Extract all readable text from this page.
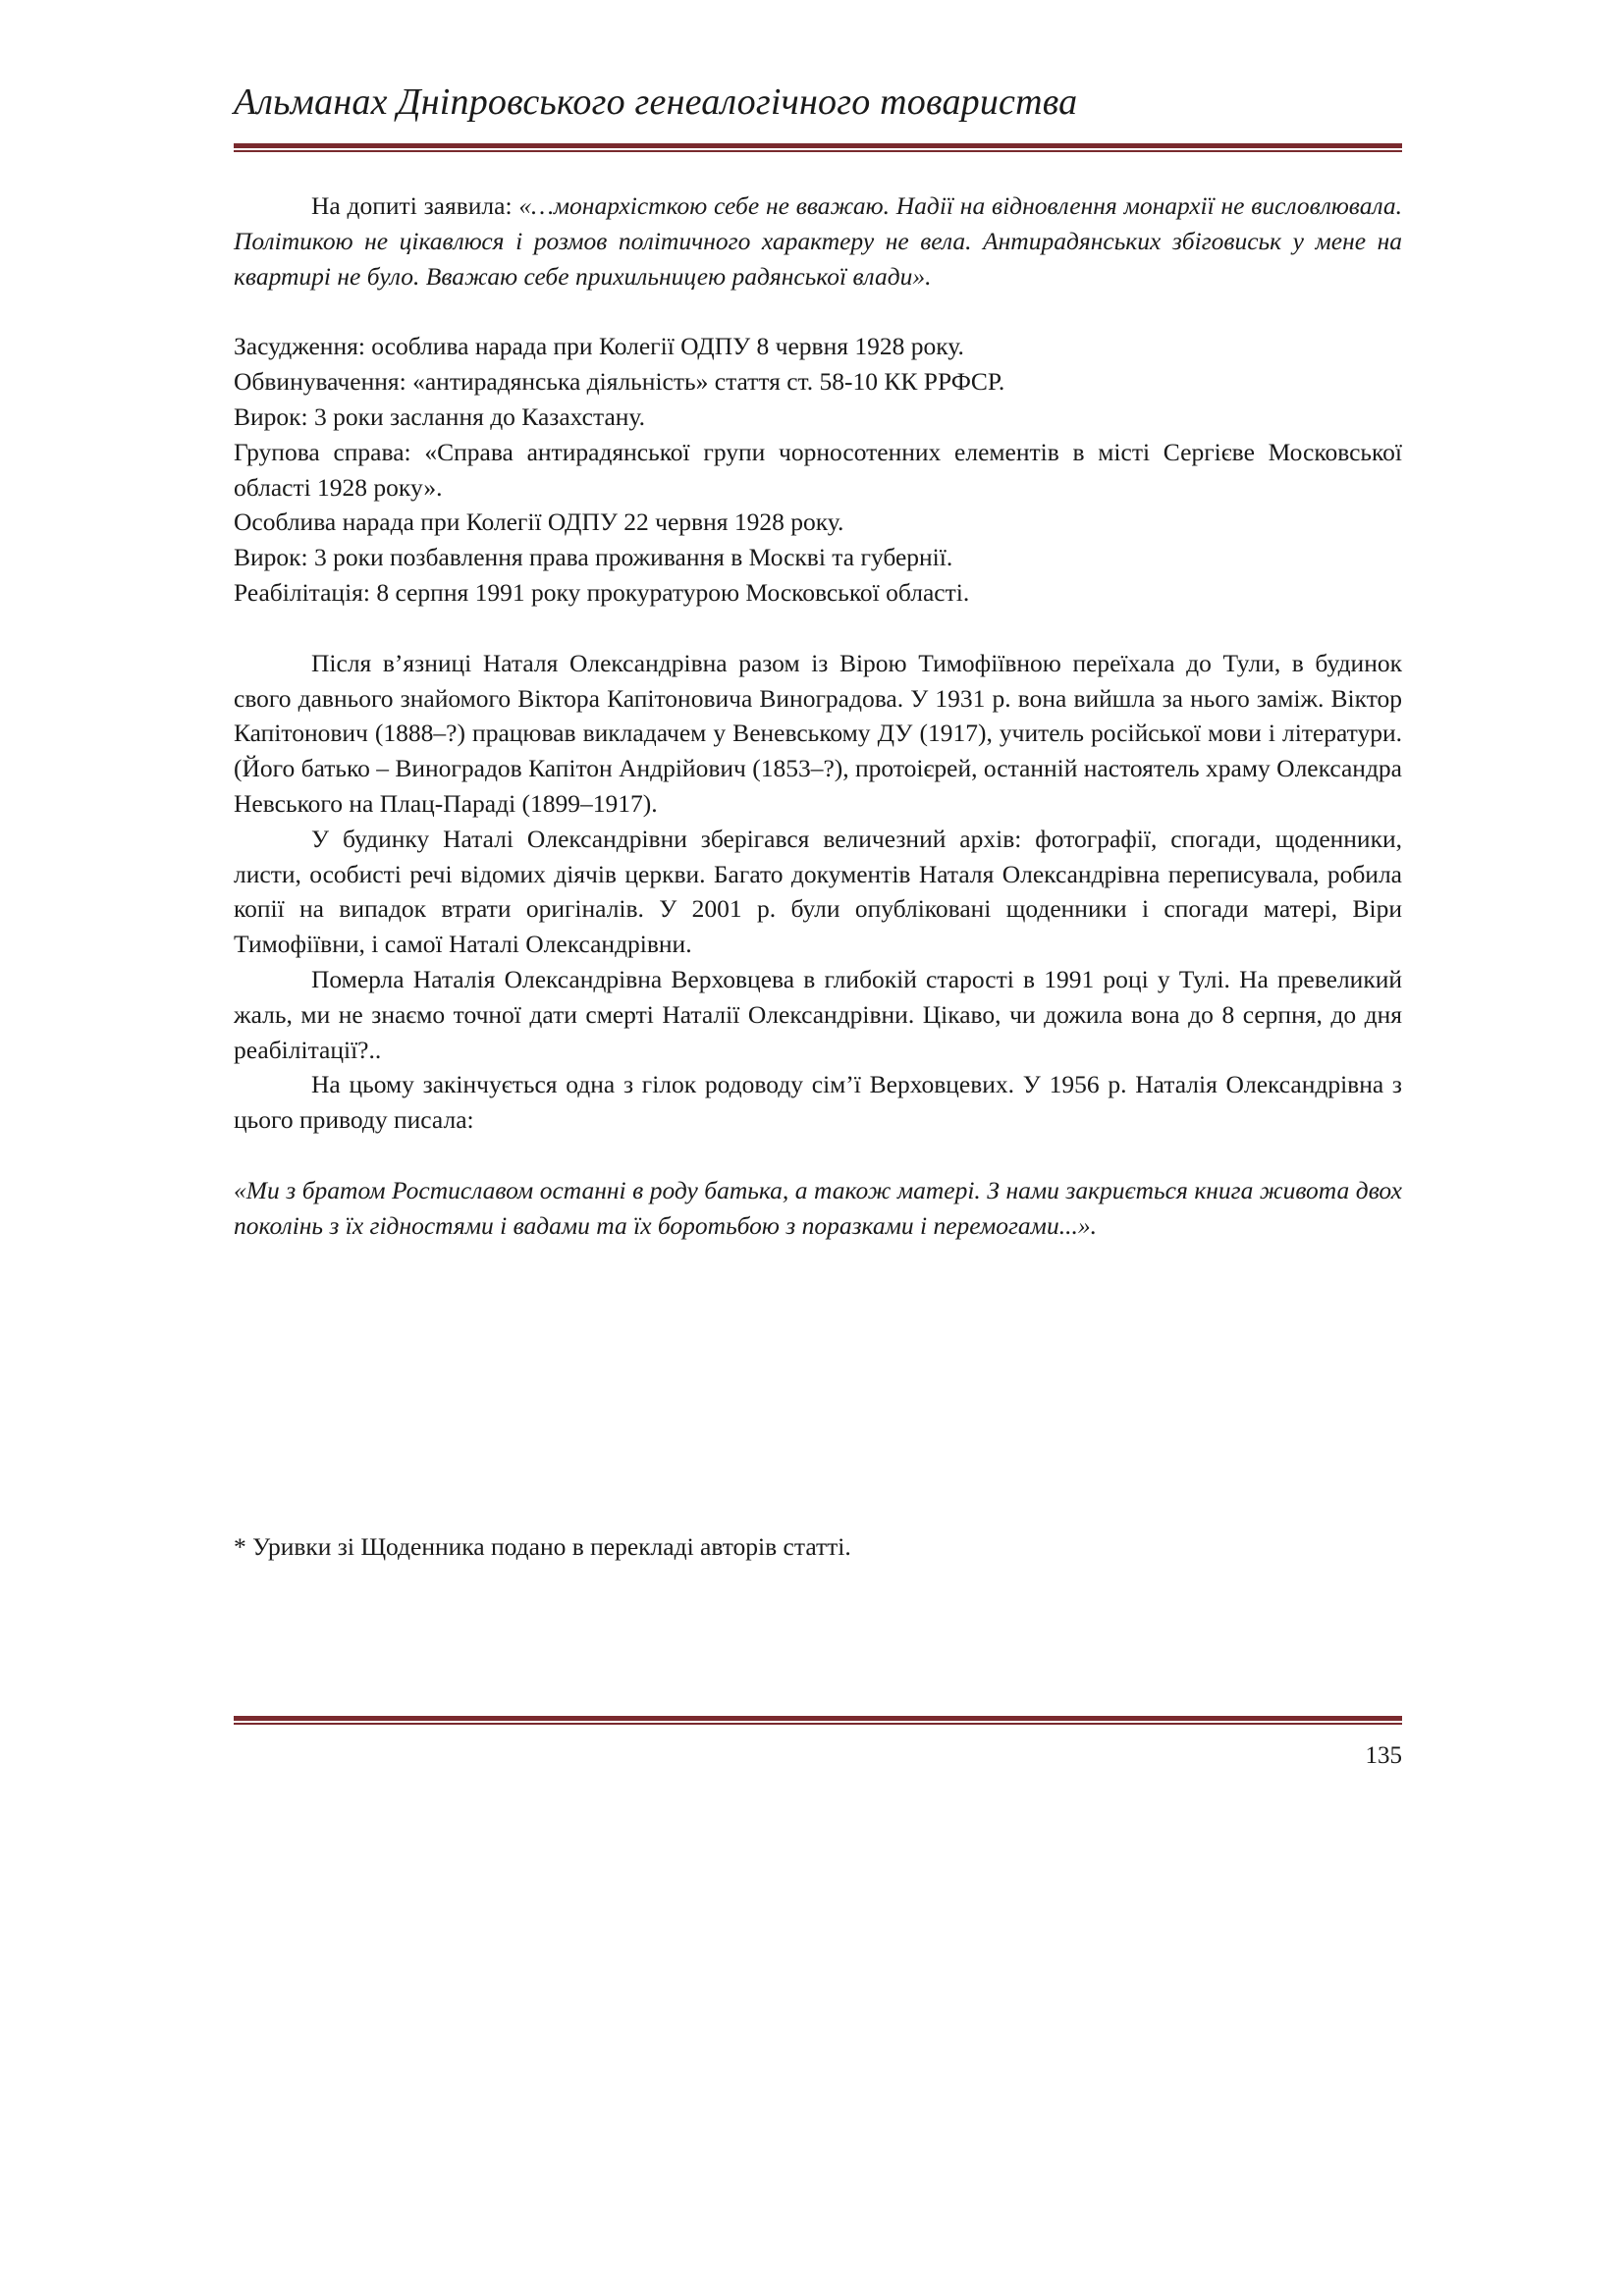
Альманах Дніпровського генеалогічного товариства

На допиті заявила: «…монархісткою себе не вважаю. Надії на відновлення монархії не висловлювала. Політикою не цікавлюся і розмов політичного характеру не вела. Антирадянських збіговиськ у мене на квартирі не було. Вважаю себе прихильницею радянської влади».

Засудження: особлива нарада при Колегії ОДПУ 8 червня 1928 року.

Обвинувачення: «антирадянська діяльність» стаття ст. 58-10 КК РРФСР.

Вирок: 3 роки заслання до Казахстану.

Групова справа: «Справа антирадянської групи чорносотенних елементів в місті Сергієве Московської області 1928 року».

Особлива нарада при Колегії ОДПУ 22 червня 1928 року.

Вирок: 3 роки позбавлення права проживання в Москві та губернії.

Реабілітація: 8 серпня 1991 року прокуратурою Московської області.

Після в’язниці Наталя Олександрівна разом із Вірою Тимофіївною переїхала до Тули, в будинок свого давнього знайомого Віктора Капітоновича Виноградова. У 1931 р. вона вийшла за нього заміж. Віктор Капітонович (1888–?) працював викладачем у Веневському ДУ (1917), учитель російської мови і літератури. (Його батько – Виноградов Капітон Андрійович (1853–?), протоієрей, останній настоятель храму Олександра Невського на Плац-Параді (1899–1917).

У будинку Наталі Олександрівни зберігався величезний архів: фотографії, спогади, щоденники, листи, особисті речі відомих діячів церкви. Багато документів Наталя Олександрівна переписувала, робила копії на випадок втрати оригіналів. У 2001 р. були опубліковані щоденники і спогади матері, Віри Тимофіївни, і самої Наталі Олександрівни.

Померла Наталія Олександрівна Верховцева в глибокій старості в 1991 році у Тулі. На превеликий жаль, ми не знаємо точної дати смерті Наталії Олександрівни. Цікаво, чи дожила вона до 8 серпня, до дня реабілітації?..

На цьому закінчується одна з гілок родоводу сім’ї Верховцевих. У 1956 р. Наталія Олександрівна з цього приводу писала:

«Ми з братом Ростиславом останні в роду батька, а також матері. З нами закриється книга живота двох поколінь з їх гідностями і вадами та їх боротьбою з поразками і перемогами...».

* Уривки зі Щоденника подано в перекладі авторів статті.
135
